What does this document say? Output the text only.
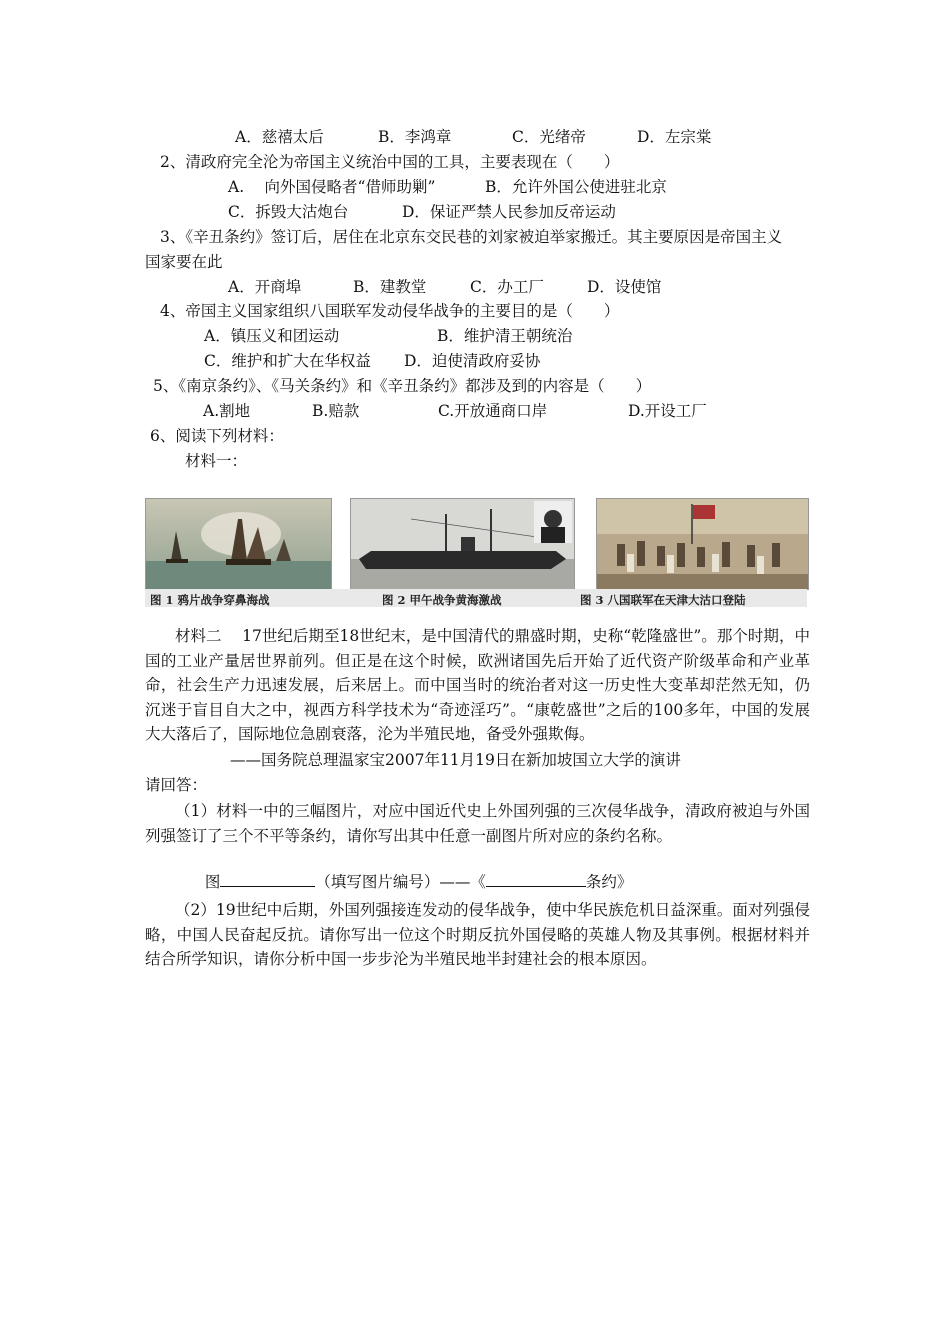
A．慈禧太后	B．李鸿章	C．光绪帝	D．左宗棠
2、清政府完全沦为帝国主义统治中国的工具，主要表现在（　　）
A.　 向外国侵略者“借师助剿”	B．允许外国公使进驻北京
C．拆毁大沽炮台	D．保证严禁人民参加反帝运动
3、《辛丑条约》签订后，居住在北京东交民巷的刘家被迫举家搬迁。其主要原因是帝国主义
国家要在此
A．开商埠	B．建教堂	C．办工厂	D．设使馆
4、帝国主义国家组织八国联军发动侵华战争的主要目的是（　　）
A．镇压义和团运动	B．维护清王朝统治
C．维护和扩大在华权益 D．迫使清政府妥协
5、《南京条约》、《马关条约》和《辛丑条约》都涉及到的内容是（　　）
A.割地	B.赔款	C.开放通商口岸	D.开设工厂
6、阅读下列材料：
材料一：
图 1 鸦片战争穿鼻海战	图 2 甲午战争黄海激战	图 3 八国联军在天津大沽口登陆
材料二　 17世纪后期至18世纪末，是中国清代的鼎盛时期，史称“乾隆盛世”。那个时期，中国的工业产量居世界前列。但正是在这个时候，欧洲诸国先后开始了近代资产阶级革命和产业革命，社会生产力迅速发展，后来居上。而中国当时的统治者对这一历史性大变革却茫然无知，仍沉迷于盲目自大之中，视西方科学技术为“奇迹淫巧”。“康乾盛世”之后的100多年，中国的发展大大落后了，国际地位急剧衰落，沦为半殖民地，备受外强欺侮。
——国务院总理温家宝2007年11月19日在新加坡国立大学的演讲
请回答：
（1）材料一中的三幅图片，对应中国近代史上外国列强的三次侵华战争，清政府被迫与外国列强签订了三个不平等条约，请你写出其中任意一副图片所对应的条约名称。

图	（填写图片编号）——《	条约》

（2）19世纪中后期，外国列强接连发动的侵华战争，使中华民族危机日益深重。面对列强侵略，中国人民奋起反抗。请你写出一位这个时期反抗外国侵略的英雄人物及其事例。根据材料并结合所学知识，请你分析中国一步步沦为半殖民地半封建社会的根本原因。
